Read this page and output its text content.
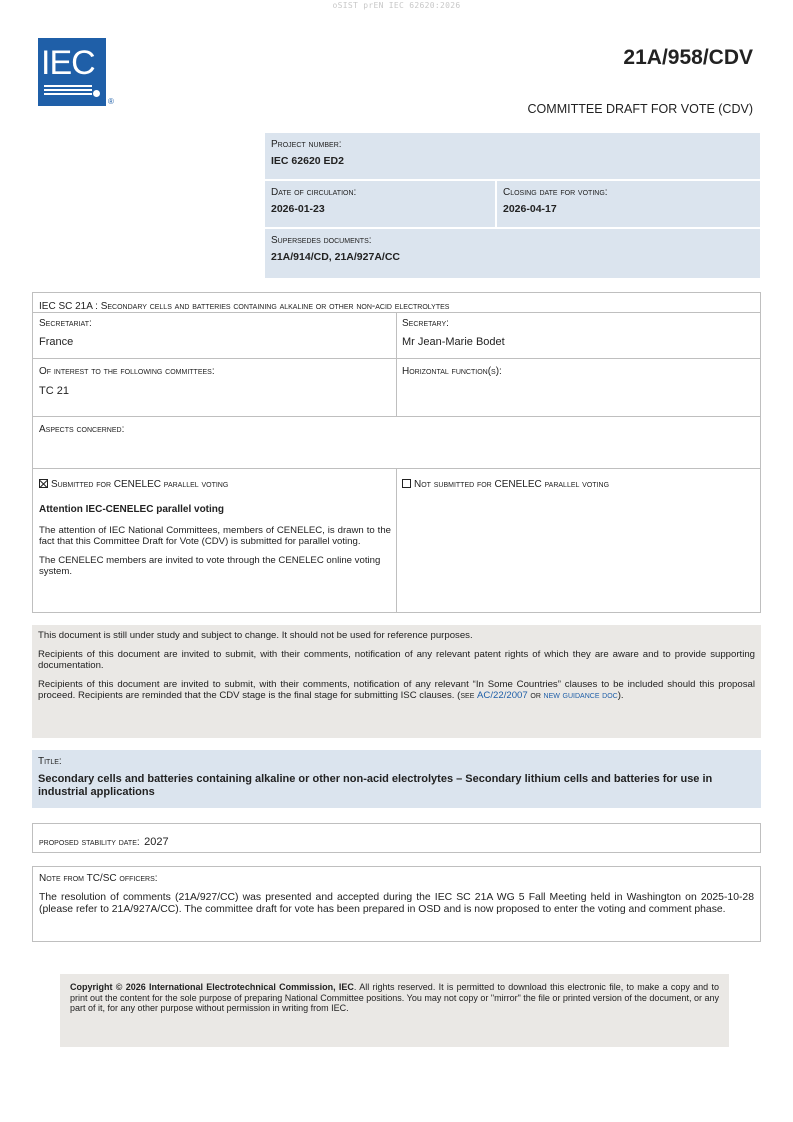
oSIST prEN IEC 62620:2026
IEC
®
21A/958/CDV
COMMITTEE DRAFT FOR VOTE (CDV)
Project number:
IEC 62620 ED2
Date of circulation:
2026-01-23
Closing date for voting:
2026-04-17
Supersedes documents:
21A/914/CD, 21A/927A/CC
IEC SC 21A : Secondary cells and batteries containing alkaline or other non-acid electrolytes
Secretariat:
France
Secretary:
Mr Jean-Marie Bodet
Of interest to the following committees:
TC 21
Horizontal function(s):
Aspects concerned:
Submitted for CENELEC parallel voting
Attention IEC-CENELEC parallel voting

The attention of IEC National Committees, members of CENELEC, is drawn to the fact that this Committee Draft for Vote (CDV) is submitted for parallel voting.

The CENELEC members are invited to vote through the CENELEC online voting system.

Not submitted for CENELEC parallel voting

This document is still under study and subject to change. It should not be used for reference purposes.

Recipients of this document are invited to submit, with their comments, notification of any relevant patent rights of which they are aware and to provide supporting documentation.

Recipients of this document are invited to submit, with their comments, notification of any relevant “In Some Countries” clauses to be included should this proposal proceed. Recipients are reminded that the CDV stage is the final stage for submitting ISC clauses. (see AC/22/2007 or new guidance doc).

Title:
Secondary cells and batteries containing alkaline or other non-acid electrolytes – Secondary lithium cells and batteries for use in industrial applications
proposed stability date: 2027
Note from TC/SC officers:

The resolution of comments (21A/927/CC) was presented and accepted during the IEC SC 21A WG 5 Fall Meeting held in Washington on 2025-10-28 (please refer to 21A/927A/CC). The committee draft for vote has been prepared in OSD and is now proposed to enter the voting and comment phase.

Copyright © 2026 International Electrotechnical Commission, IEC. All rights reserved. It is permitted to download this electronic file, to make a copy and to print out the content for the sole purpose of preparing National Committee positions. You may not copy or "mirror" the file or printed version of the document, or any part of it, for any other purpose without permission in writing from IEC.
